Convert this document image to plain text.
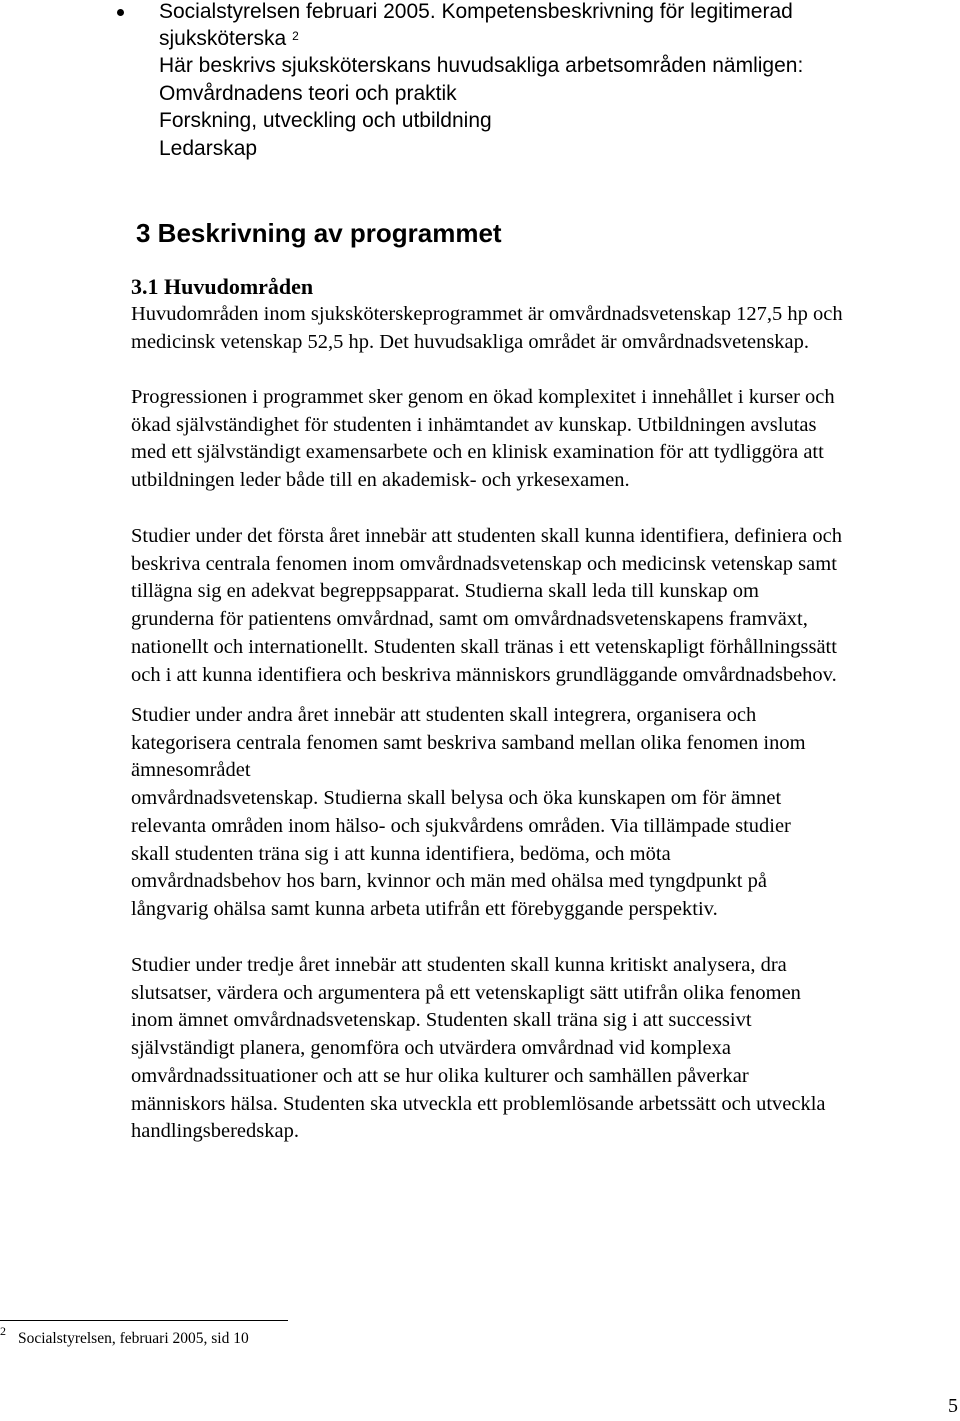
Socialstyrelsen februari 2005. Kompetensbeskrivning för legitimerad
sjuksköterska $^2$
Här beskrivs sjuksköterskans huvudsakliga arbetsområden nämligen:
Omvårdnadens teori och praktik
Forskning, utveckling och utbildning
Ledarskap
3 Beskrivning av programmet
3.1 Huvudområden
Huvudområden inom sjuksköterskeprogrammet är omvårdnadsvetenskap 127,5 hp och
medicinsk vetenskap 52,5 hp. Det huvudsakliga området är omvårdnadsvetenskap.
Progressionen i programmet sker genom en ökad komplexitet i innehållet i kurser och
ökad självständighet för studenten i inhämtandet av kunskap. Utbildningen avslutas
med ett självständigt examensarbete och en klinisk examination för att tydliggöra att
utbildningen leder både till en akademisk- och yrkesexamen.
Studier under det första året innebär att studenten skall kunna identifiera, definiera och
beskriva centrala fenomen inom omvårdnadsvetenskap och medicinsk vetenskap samt
tillägna sig en adekvat begreppsapparat. Studierna skall leda till kunskap om
grunderna för patientens omvårdnad, samt om omvårdnadsvetenskapens framväxt,
nationellt och internationellt. Studenten skall tränas i ett vetenskapligt förhållningssätt
och i att kunna identifiera och beskriva människors grundläggande omvårdnadsbehov.
Studier under andra året innebär att studenten skall integrera, organisera och
kategorisera centrala fenomen samt beskriva samband mellan olika fenomen inom
ämnesområdet
omvårdnadsvetenskap. Studierna skall belysa och öka kunskapen om för ämnet
relevanta områden inom hälso- och sjukvårdens områden. Via tillämpade studier
skall studenten träna sig i att kunna identifiera, bedöma, och möta
omvårdnadsbehov hos barn, kvinnor och män med ohälsa med tyngdpunkt på
långvarig ohälsa samt kunna arbeta utifrån ett förebyggande perspektiv.
Studier under tredje året innebär att studenten skall kunna kritiskt analysera, dra
slutsatser, värdera och argumentera på ett vetenskapligt sätt utifrån olika fenomen
inom ämnet omvårdnadsvetenskap. Studenten skall träna sig i att successivt
självständigt planera, genomföra och utvärdera omvårdnad vid komplexa
omvårdnadssituationer och att se hur olika kulturer och samhällen påverkar
människors hälsa. Studenten ska utveckla ett problemlösande arbetssätt och utveckla
handlingsberedskap.
$^2$ Socialstyrelsen, februari 2005, sid 10
5
